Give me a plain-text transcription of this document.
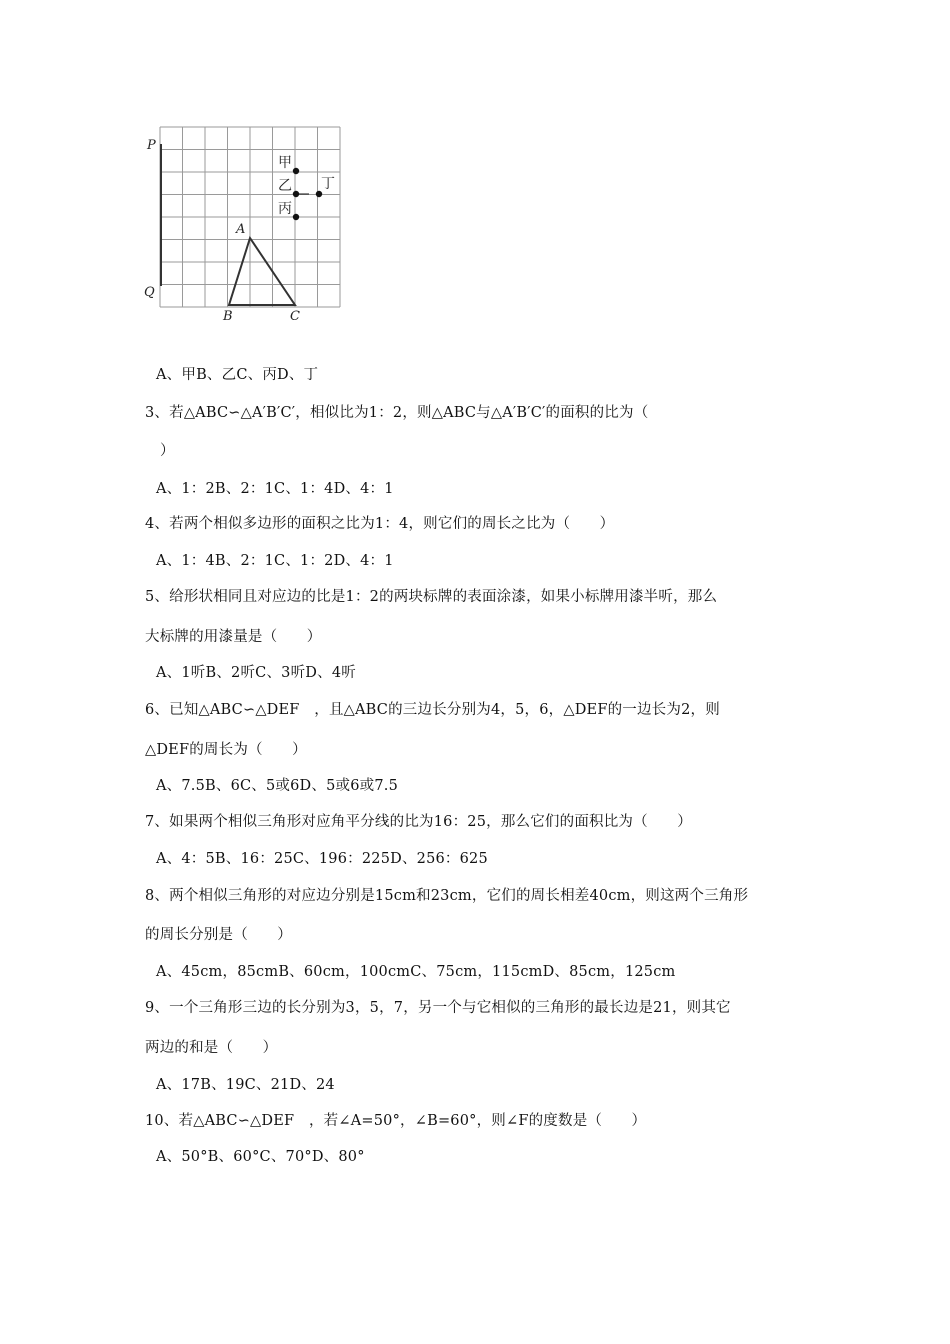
P
Q
A
B	C
甲
乙
丙
丁
A、甲B、乙C、丙D、丁
3、若△ABC∽△A′B′C′，相似比为1：2，则△ABC与△A′B′C′的面积的比为（
）
A、1：2B、2：1C、1：4D、4：1
4、若两个相似多边形的面积之比为1：4，则它们的周长之比为（　　）
A、1：4B、2：1C、1：2D、4：1
5、给形状相同且对应边的比是1：2的两块标牌的表面涂漆，如果小标牌用漆半听，那么
大标牌的用漆量是（　　）
A、1听B、2听C、3听D、4听
6、已知△ABC∽△DEF　，且△ABC的三边长分别为4，5，6，△DEF的一边长为2，则
△DEF的周长为（　　）
A、7.5B、6C、5或6D、5或6或7.5
7、如果两个相似三角形对应角平分线的比为16：25，那么它们的面积比为（　　）
A、4：5B、16：25C、196：225D、256：625
8、两个相似三角形的对应边分别是15cm和23cm，它们的周长相差40cm，则这两个三角形
的周长分别是（　　）
A、45cm，85cmB、60cm，100cmC、75cm，115cmD、85cm，125cm
9、一个三角形三边的长分别为3，5，7，另一个与它相似的三角形的最长边是21，则其它
两边的和是（　　）
A、17B、19C、21D、24
10、若△ABC∽△DEF　，若∠A=50°，∠B=60°，则∠F的度数是（　　）
A、50°B、60°C、70°D、80°
